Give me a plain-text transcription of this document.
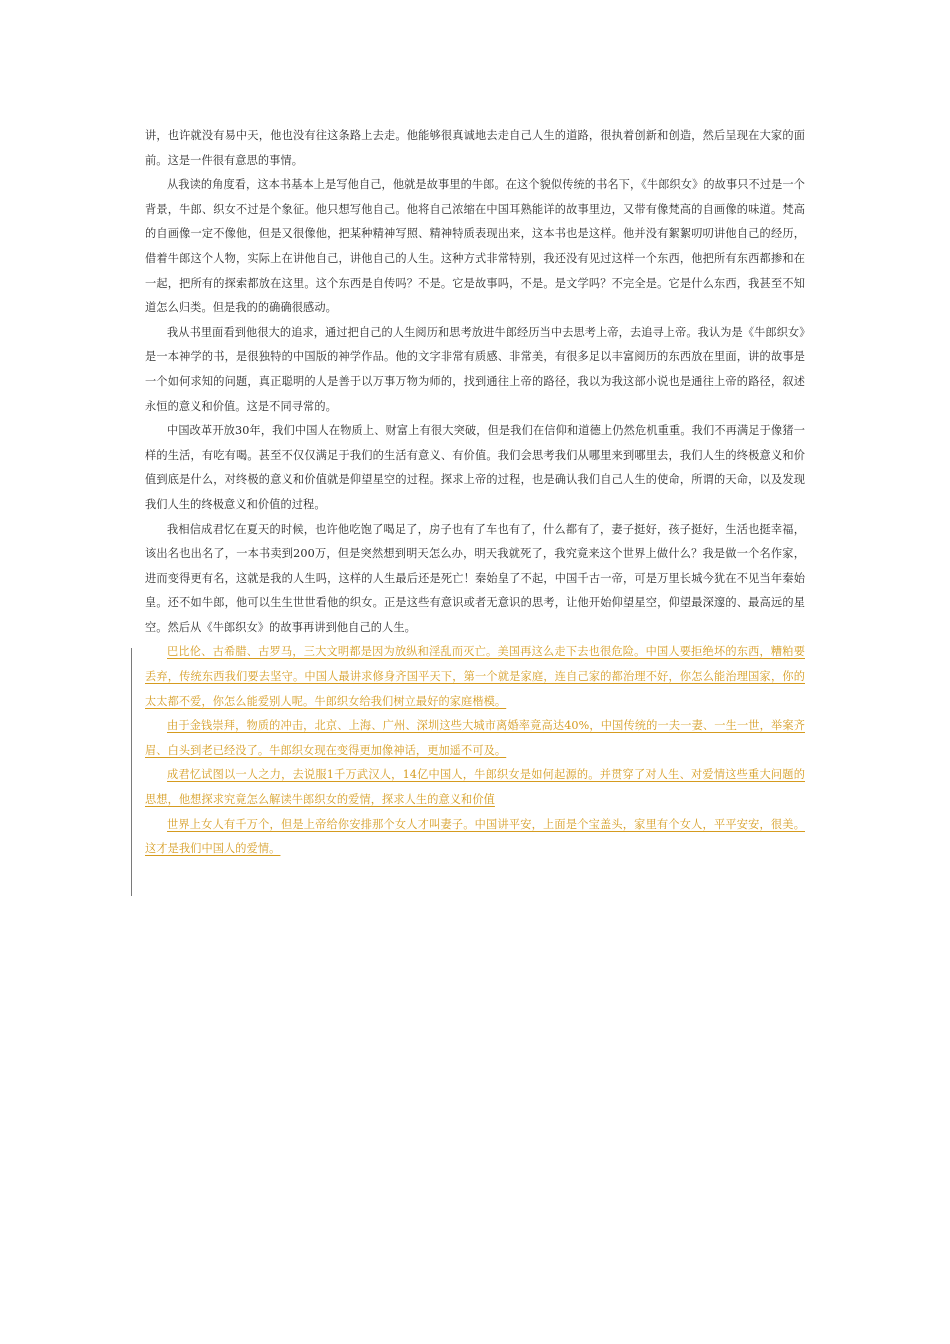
讲，也许就没有易中天，他也没有往这条路上去走。他能够很真诚地去走自己人生的道路，很执着创新和创造，然后呈现在大家的面前。这是一件很有意思的事情。

从我读的角度看，这本书基本上是写他自己，他就是故事里的牛郎。在这个貌似传统的书名下，《牛郎织女》的故事只不过是一个背景，牛郎、织女不过是个象征。他只想写他自己。他将自己浓缩在中国耳熟能详的故事里边，又带有像梵高的自画像的味道。梵高的自画像一定不像他，但是又很像他，把某种精神写照、精神特质表现出来，这本书也是这样。他并没有絮絮叨叨讲他自己的经历，借着牛郎这个人物，实际上在讲他自己，讲他自己的人生。这种方式非常特别，我还没有见过这样一个东西，他把所有东西都掺和在一起，把所有的探索都放在这里。这个东西是自传吗？不是。它是故事吗，不是。是文学吗？不完全是。它是什么东西，我甚至不知道怎么归类。但是我的的确确很感动。

我从书里面看到他很大的追求，通过把自己的人生阅历和思考放进牛郎经历当中去思考上帝，去追寻上帝。我认为是《牛郎织女》是一本神学的书，是很独特的中国版的神学作品。他的文字非常有质感、非常美，有很多足以丰富阅历的东西放在里面，讲的故事是一个如何求知的问题，真正聪明的人是善于以万事万物为师的，找到通往上帝的路径，我以为我这部小说也是通往上帝的路径，叙述永恒的意义和价值。这是不同寻常的。

中国改革开放30年，我们中国人在物质上、财富上有很大突破，但是我们在信仰和道德上仍然危机重重。我们不再满足于像猪一样的生活，有吃有喝。甚至不仅仅满足于我们的生活有意义、有价值。我们会思考我们从哪里来到哪里去，我们人生的终极意义和价值到底是什么，对终极的意义和价值就是仰望星空的过程。探求上帝的过程，也是确认我们自己人生的使命，所谓的天命，以及发现我们人生的终极意义和价值的过程。

我相信成君忆在夏天的时候，也许他吃饱了喝足了，房子也有了车也有了，什么都有了，妻子挺好，孩子挺好，生活也挺幸福，该出名也出名了，一本书卖到200万，但是突然想到明天怎么办，明天我就死了，我究竟来这个世界上做什么？我是做一个名作家，进而变得更有名，这就是我的人生吗，这样的人生最后还是死亡！秦始皇了不起，中国千古一帝，可是万里长城今犹在不见当年秦始皇。还不如牛郎，他可以生生世世看他的织女。正是这些有意识或者无意识的思考，让他开始仰望星空，仰望最深邃的、最高远的星空。然后从《牛郎织女》的故事再讲到他自己的人生。

巴比伦、古希腊、古罗马，三大文明都是因为放纵和淫乱而灭亡。美国再这么走下去也很危险。中国人要拒绝坏的东西，糟粕要丢弃，传统东西我们要去坚守。中国人最讲求修身齐国平天下，第一个就是家庭，连自己家的都治理不好，你怎么能治理国家，你的太太都不爱，你怎么能爱别人呢。牛郎织女给我们树立最好的家庭楷模。

由于金钱崇拜，物质的冲击，北京、上海、广州、深圳这些大城市离婚率竟高达40%，中国传统的一夫一妻、一生一世，举案齐眉、白头到老已经没了。牛郎织女现在变得更加像神话，更加遥不可及。

成君忆试图以一人之力，去说服1千万武汉人，14亿中国人，牛郎织女是如何起源的。并贯穿了对人生、对爱情这些重大问题的思想，他想探求究竟怎么解读牛郎织女的爱情，探求人生的意义和价值

世界上女人有千万个，但是上帝给你安排那个女人才叫妻子。中国讲平安，上面是个宝盖头，家里有个女人，平平安安，很美。这才是我们中国人的爱情。
